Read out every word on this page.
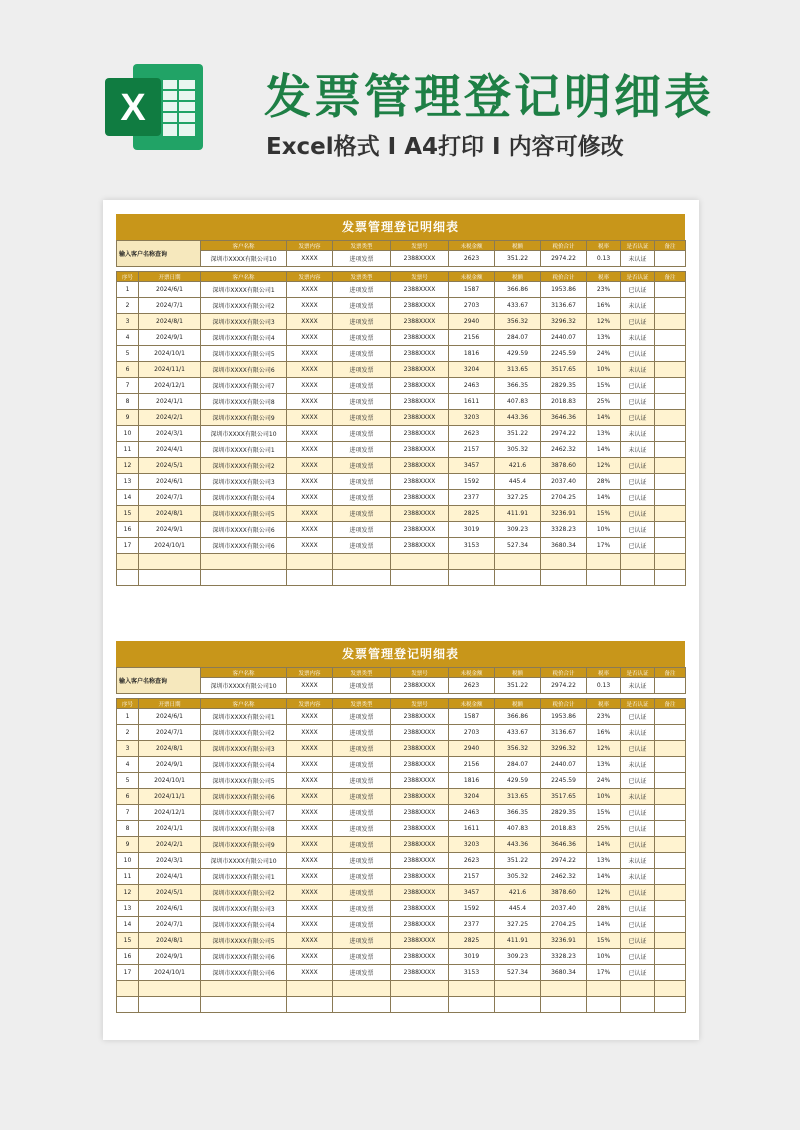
X	发票管理登记明细表
Excel格式 I A4打印 I 内容可修改
发票管理登记明细表
输入客户名称查询		客户名称	发票内容	发票类型	发票号	未税金额	税额	税价合计	税率	是否认证	备注
		深圳市XXXX有限公司10	XXXX	进项发票	2388XXXX	2623	351.22	2974.22	0.13	未认证	

序号	开票日期	客户名称	发票内容	发票类型	发票号	未税金额	税额	税价合计	税率	是否认证	备注
1	2024/6/1	深圳市XXXX有限公司1	XXXX	进项发票	2388XXXX	1587	366.86	1953.86	23%	已认证	
2	2024/7/1	深圳市XXXX有限公司2	XXXX	进项发票	2388XXXX	2703	433.67	3136.67	16%	未认证	
3	2024/8/1	深圳市XXXX有限公司3	XXXX	进项发票	2388XXXX	2940	356.32	3296.32	12%	已认证	
4	2024/9/1	深圳市XXXX有限公司4	XXXX	进项发票	2388XXXX	2156	284.07	2440.07	13%	未认证	
5	2024/10/1	深圳市XXXX有限公司5	XXXX	进项发票	2388XXXX	1816	429.59	2245.59	24%	已认证	
6	2024/11/1	深圳市XXXX有限公司6	XXXX	进项发票	2388XXXX	3204	313.65	3517.65	10%	未认证	
7	2024/12/1	深圳市XXXX有限公司7	XXXX	进项发票	2388XXXX	2463	366.35	2829.35	15%	已认证	
8	2024/1/1	深圳市XXXX有限公司8	XXXX	进项发票	2388XXXX	1611	407.83	2018.83	25%	已认证	
9	2024/2/1	深圳市XXXX有限公司9	XXXX	进项发票	2388XXXX	3203	443.36	3646.36	14%	已认证	
10	2024/3/1	深圳市XXXX有限公司10	XXXX	进项发票	2388XXXX	2623	351.22	2974.22	13%	未认证	
11	2024/4/1	深圳市XXXX有限公司1	XXXX	进项发票	2388XXXX	2157	305.32	2462.32	14%	未认证	
12	2024/5/1	深圳市XXXX有限公司2	XXXX	进项发票	2388XXXX	3457	421.6	3878.60	12%	已认证	
13	2024/6/1	深圳市XXXX有限公司3	XXXX	进项发票	2388XXXX	1592	445.4	2037.40	28%	已认证	
14	2024/7/1	深圳市XXXX有限公司4	XXXX	进项发票	2388XXXX	2377	327.25	2704.25	14%	已认证	
15	2024/8/1	深圳市XXXX有限公司5	XXXX	进项发票	2388XXXX	2825	411.91	3236.91	15%	已认证	
16	2024/9/1	深圳市XXXX有限公司6	XXXX	进项发票	2388XXXX	3019	309.23	3328.23	10%	已认证	
17	2024/10/1	深圳市XXXX有限公司6	XXXX	进项发票	2388XXXX	3153	527.34	3680.34	17%	已认证	

发票管理登记明细表
输入客户名称查询		客户名称	发票内容	发票类型	发票号	未税金额	税额	税价合计	税率	是否认证	备注
		深圳市XXXX有限公司10	XXXX	进项发票	2388XXXX	2623	351.22	2974.22	0.13	未认证	

序号	开票日期	客户名称	发票内容	发票类型	发票号	未税金额	税额	税价合计	税率	是否认证	备注
1	2024/6/1	深圳市XXXX有限公司1	XXXX	进项发票	2388XXXX	1587	366.86	1953.86	23%	已认证	
2	2024/7/1	深圳市XXXX有限公司2	XXXX	进项发票	2388XXXX	2703	433.67	3136.67	16%	未认证	
3	2024/8/1	深圳市XXXX有限公司3	XXXX	进项发票	2388XXXX	2940	356.32	3296.32	12%	已认证	
4	2024/9/1	深圳市XXXX有限公司4	XXXX	进项发票	2388XXXX	2156	284.07	2440.07	13%	未认证	
5	2024/10/1	深圳市XXXX有限公司5	XXXX	进项发票	2388XXXX	1816	429.59	2245.59	24%	已认证	
6	2024/11/1	深圳市XXXX有限公司6	XXXX	进项发票	2388XXXX	3204	313.65	3517.65	10%	未认证	
7	2024/12/1	深圳市XXXX有限公司7	XXXX	进项发票	2388XXXX	2463	366.35	2829.35	15%	已认证	
8	2024/1/1	深圳市XXXX有限公司8	XXXX	进项发票	2388XXXX	1611	407.83	2018.83	25%	已认证	
9	2024/2/1	深圳市XXXX有限公司9	XXXX	进项发票	2388XXXX	3203	443.36	3646.36	14%	已认证	
10	2024/3/1	深圳市XXXX有限公司10	XXXX	进项发票	2388XXXX	2623	351.22	2974.22	13%	未认证	
11	2024/4/1	深圳市XXXX有限公司1	XXXX	进项发票	2388XXXX	2157	305.32	2462.32	14%	未认证	
12	2024/5/1	深圳市XXXX有限公司2	XXXX	进项发票	2388XXXX	3457	421.6	3878.60	12%	已认证	
13	2024/6/1	深圳市XXXX有限公司3	XXXX	进项发票	2388XXXX	1592	445.4	2037.40	28%	已认证	
14	2024/7/1	深圳市XXXX有限公司4	XXXX	进项发票	2388XXXX	2377	327.25	2704.25	14%	已认证	
15	2024/8/1	深圳市XXXX有限公司5	XXXX	进项发票	2388XXXX	2825	411.91	3236.91	15%	已认证	
16	2024/9/1	深圳市XXXX有限公司6	XXXX	进项发票	2388XXXX	3019	309.23	3328.23	10%	已认证	
17	2024/10/1	深圳市XXXX有限公司6	XXXX	进项发票	2388XXXX	3153	527.34	3680.34	17%	已认证	
